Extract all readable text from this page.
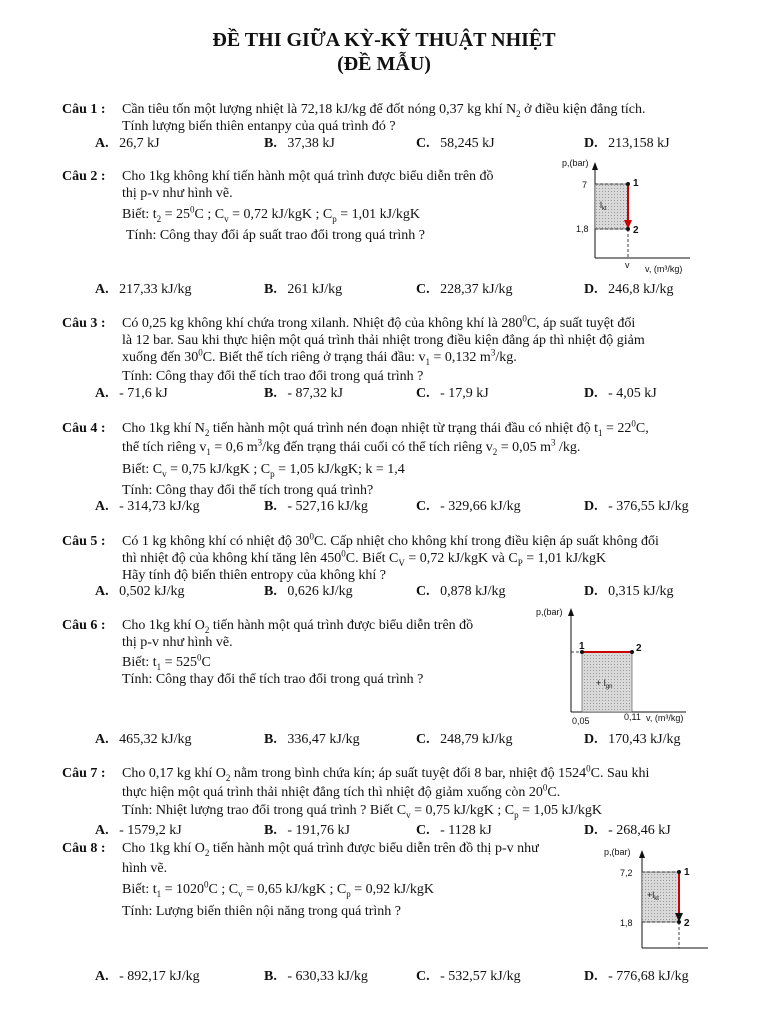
ĐỀ THI GIỮA KỲ-KỸ THUẬT NHIỆT
(ĐỀ MẪU)
Câu 1 : Cần tiêu tốn một lượng nhiệt là 72,18 kJ/kg để đốt nóng 0,37 kg khí $N_2$ ở điều kiện đẳng tích.
Tính lượng biến thiên entanpy của quá trình đó ?
A. 26,7 kJ	B. 37,38 kJ	C. 58,245 kJ	D. 213,158 kJ
Câu 2 : Cho 1kg không khí tiến hành một quá trình được biểu diễn trên đồ
thị p-v như hình vẽ.
Biết: $t_2 = 25^0C$ ; $C_v = 0,72$ kJ/kgK ; $C_p = 1,01$ kJ/kgK
Tính: Công thay đổi áp suất trao đổi trong quá trình ?
p,(bar)
7
1,8
1
2
$l_{kt}$
v v, (m³/kg)
A. 217,33 kJ/kg	B. 261 kJ/kg	C. 228,37 kJ/kg	D. 246,8 kJ/kg
Câu 3 : Có 0,25 kg không khí chứa trong xilanh. Nhiệt độ của không khí là $280^0C$, áp suất tuyệt đối
là 12 bar. Sau khi thực hiện một quá trình thải nhiệt trong điều kiện đẳng áp thì nhiệt độ giảm
xuống đến $30^0C$. Biết thể tích riêng ở trạng thái đầu: $v_1 = 0,132$ $m^3/kg$.
Tính: Công thay đổi thể tích trao đổi trong quá trình ?
A. - 71,6 kJ	B. - 87,32 kJ	C. - 17,9 kJ	D. - 4,05 kJ
Câu 4 : Cho 1kg khí $N_2$ tiến hành một quá trình nén đoạn nhiệt từ trạng thái đầu có nhiệt độ $t_1 = 22^0C$,
thể tích riêng $v_1 = 0,6$ $m^3/kg$ đến trạng thái cuối có thể tích riêng $v_2 = 0,05$ $m^3$ /kg.
Biết: $C_v = 0,75$ kJ/kgK ; $C_p = 1,05$ kJ/kgK; k = 1,4
Tính: Công thay đổi thể tích trong quá trình?
A. - 314,73 kJ/kg	B. - 527,16 kJ/kg	C. - 329,66 kJ/kg	D. - 376,55 kJ/kg
Câu 5 : Có 1 kg không khí có nhiệt độ $30^0C$. Cấp nhiệt cho không khí trong điều kiện áp suất không đổi
thì nhiệt độ của không khí tăng lên $450^0C$. Biết $C_V = 0,72$ kJ/kgK và $C_P = 1,01$ kJ/kgK
Hãy tính độ biến thiên entropy của không khí ?
A. 0,502 kJ/kg	B. 0,626 kJ/kg	C. 0,878 kJ/kg	D. 0,315 kJ/kg
Câu 6 : Cho 1kg khí $O_2$ tiến hành một quá trình được biểu diễn trên đồ
thị p-v như hình vẽ.
Biết: $t_1 = 525^0C$
Tính: Công thay đổi thể tích trao đổi trong quá trình ?
p,(bar)
1	2
+ $l_{gn}$
0,05	0,11 v, (m³/kg)
A. 465,32 kJ/kg	B. 336,47 kJ/kg	C. 248,79 kJ/kg	D. 170,43 kJ/kg
Câu 7 : Cho 0,17 kg khí $O_2$ nằm trong bình chứa kín; áp suất tuyệt đối 8 bar, nhiệt độ 1524$^0$C. Sau khi
thực hiện một quá trình thải nhiệt đẳng tích thì nhiệt độ giảm xuống còn $20^0C$.
Tính: Nhiệt lượng trao đổi trong quá trình ? Biết $C_v = 0,75$ kJ/kgK ; $C_p = 1,05$ kJ/kgK
A. - 1579,2 kJ	B. - 191,76 kJ	C. - 1128 kJ	D. - 268,46 kJ
Câu 8 : Cho 1kg khí $O_2$ tiến hành một quá trình được biểu diễn trên đồ thị p-v như
hình vẽ.
Biết: $t_1 = 1020^0C$ ; $C_v = 0,65$ kJ/kgK ; $C_p = 0,92$ kJ/kgK
Tính: Lượng biến thiên nội năng trong quá trình ?
p,(bar)
7,2
1,8
1
2
$+l_{kt}$
A. - 892,17 kJ/kg	B. - 630,33 kJ/kg	C. - 532,57 kJ/kg	D. - 776,68 kJ/kg
